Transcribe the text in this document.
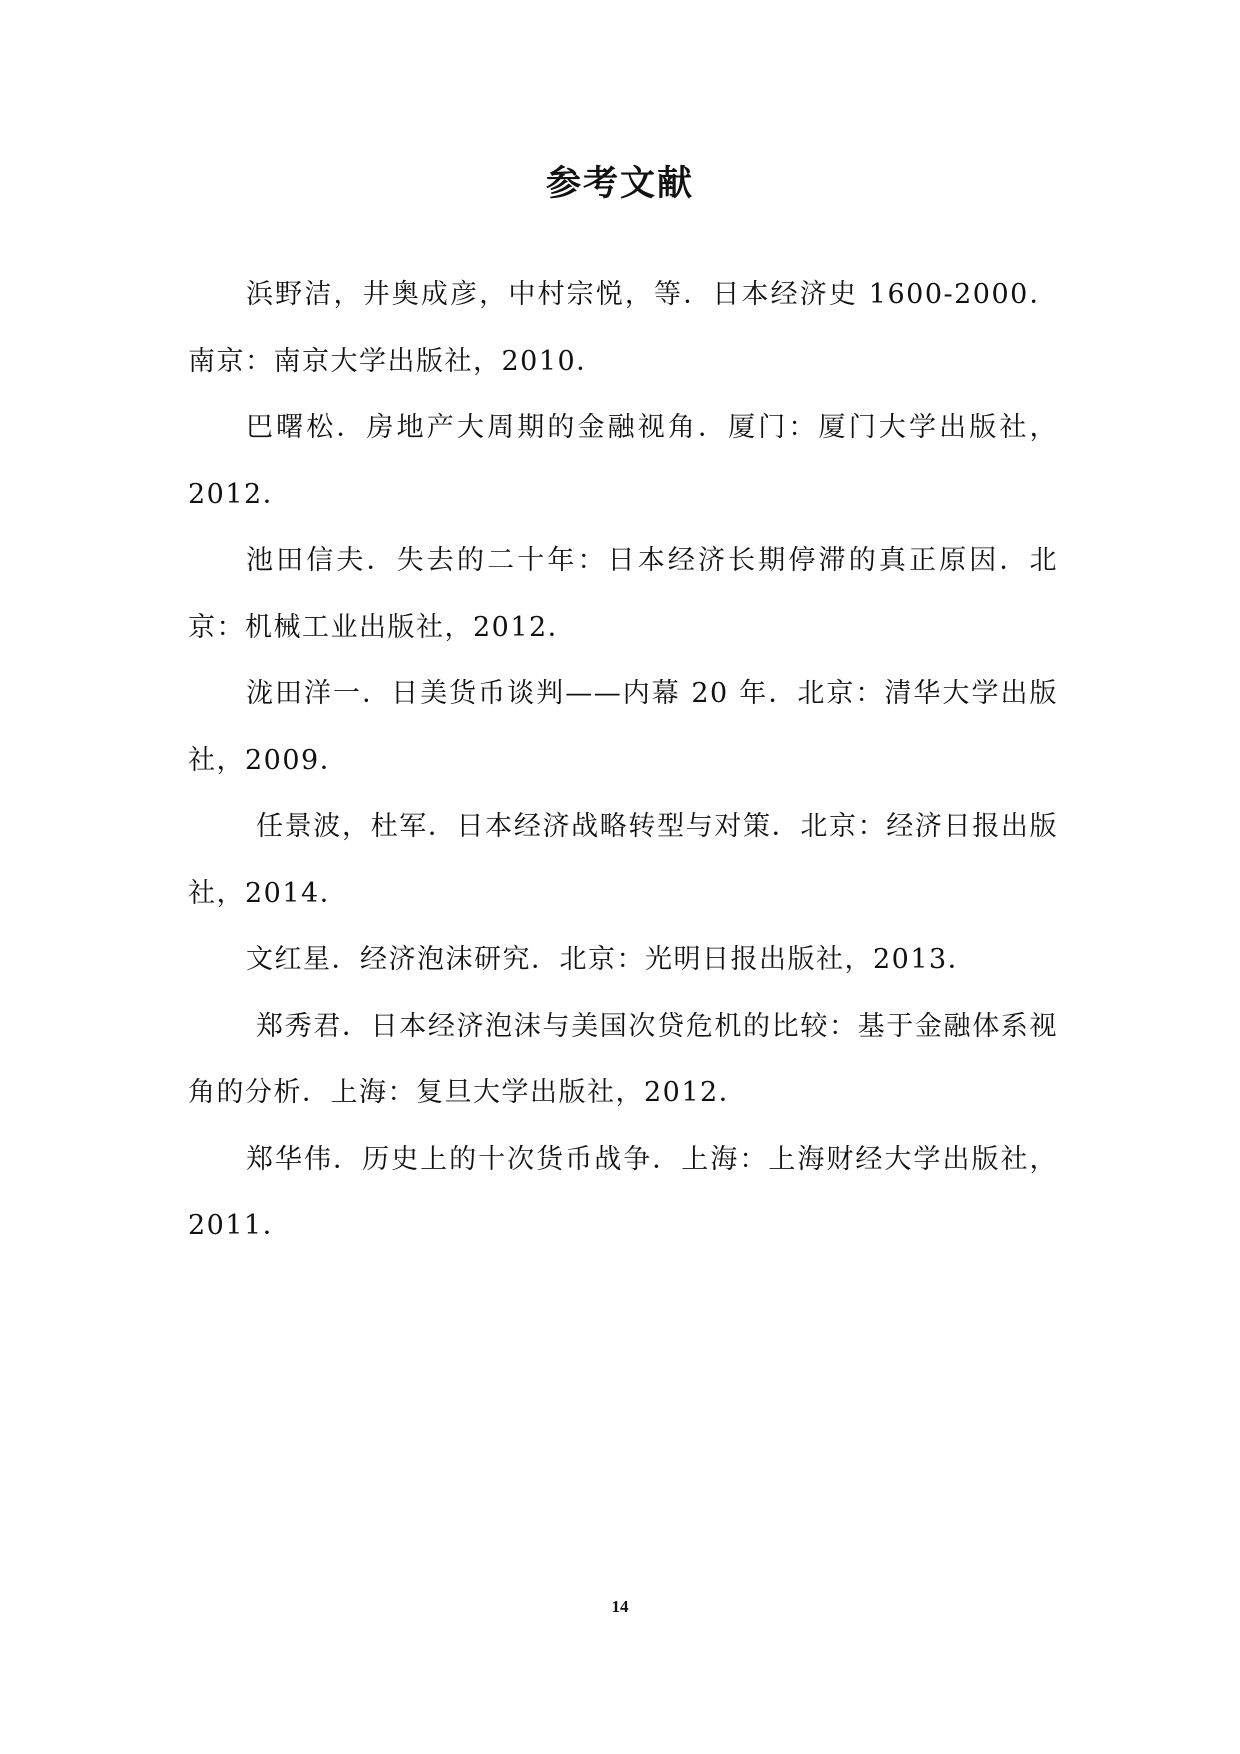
参考文献
浜野洁，井奥成彦，中村宗悦，等．日本经济史 1600-2000．南京：南京大学出版社，2010．
巴曙松．房地产大周期的金融视角．厦门：厦门大学出版社，2012．
池田信夫．失去的二十年：日本经济长期停滞的真正原因．北京：机械工业出版社，2012．
泷田洋一．日美货币谈判——内幕 20 年．北京：清华大学出版社，2009．
任景波，杜军．日本经济战略转型与对策．北京：经济日报出版社，2014．
文红星．经济泡沫研究．北京：光明日报出版社，2013．
郑秀君．日本经济泡沫与美国次贷危机的比较：基于金融体系视角的分析．上海：复旦大学出版社，2012．
郑华伟．历史上的十次货币战争．上海：上海财经大学出版社，2011．
14
